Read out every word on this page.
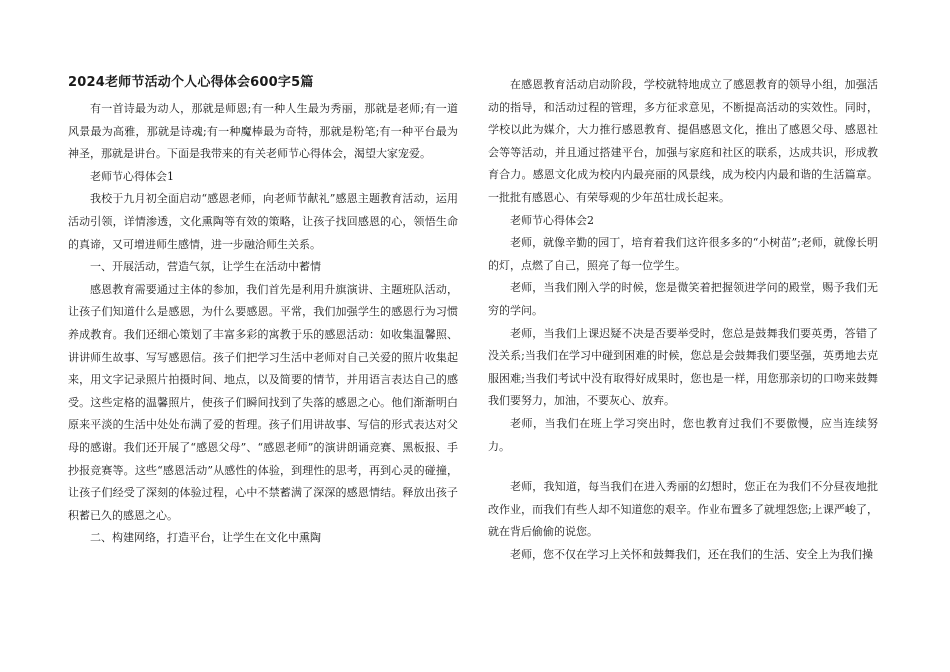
2024老师节活动个人心得体会600字5篇

有一首诗最为动人，那就是师恩;有一种人生最为秀丽，那就是老师;有一道风景最为高雅，那就是诗魂;有一种魔棒最为奇特，那就是粉笔;有一种平台最为神圣，那就是讲台。下面是我带来的有关老师节心得体会，渴望大家宠爱。

老师节心得体会1

我校于九月初全面启动“感恩老师，向老师节献礼”感恩主题教育活动，运用活动引领，详情渗透，文化熏陶等有效的策略，让孩子找回感恩的心，领悟生命的真谛，又可增进师生感情，进一步融洽师生关系。

一、开展活动，营造气氛，让学生在活动中蓄情

感恩教育需要通过主体的参加，我们首先是利用升旗演讲、主题班队活动，让孩子们知道什么是感恩，为什么要感恩。平常，我们加强学生的感恩行为习惯养成教育。我们还细心策划了丰富多彩的寓教于乐的感恩活动：如收集温馨照、讲讲师生故事、写写感恩信。孩子们把学习生活中老师对自己关爱的照片收集起来，用文字记录照片拍摄时间、地点，以及简要的情节，并用语言表达自己的感受。这些定格的温馨照片，使孩子们瞬间找到了失落的感恩之心。他们渐渐明白原来平淡的生活中处处布满了爱的哲理。孩子们用讲故事、写信的形式表达对父母的感谢。我们还开展了“感恩父母”、“感恩老师”的演讲朗诵竞赛、黑板报、手抄报竞赛等。这些“感恩活动”从感性的体验，到理性的思考，再到心灵的碰撞，让孩子们经受了深刻的体验过程，心中不禁蓄满了深深的感恩情结。释放出孩子积蓄已久的感恩之心。

二、构建网络，打造平台，让学生在文化中熏陶

在感恩教育活动启动阶段，学校就特地成立了感恩教育的领导小组，加强活动的指导，和活动过程的管理，多方征求意见，不断提高活动的实效性。同时，学校以此为媒介，大力推行感恩教育、提倡感恩文化，推出了感恩父母、感恩社会等等活动，并且通过搭建平台，加强与家庭和社区的联系，达成共识，形成教育合力。感恩文化成为校内内最亮丽的风景线，成为校内内最和谐的生活篇章。一批批有感恩心、有荣辱观的少年茁壮成长起来。

老师节心得体会2

老师，就像辛勤的园丁，培育着我们这许很多多的“小树苗”;老师，就像长明的灯，点燃了自己，照亮了每一位学生。

老师，当我们刚入学的时候，您是微笑着把握领进学问的殿堂，赐予我们无穷的学问。

老师，当我们上课迟疑不决是否要举受时，您总是鼓舞我们要英勇，答错了没关系;当我们在学习中碰到困难的时候，您总是会鼓舞我们要坚强，英勇地去克服困难;当我们考试中没有取得好成果时，您也是一样，用您那亲切的口吻来鼓舞我们要努力，加油，不要灰心、放弃。

老师，当我们在班上学习突出时，您也教育过我们不要傲慢，应当连续努力。

老师，我知道，每当我们在进入秀丽的幻想时，您正在为我们不分昼夜地批改作业，而我们有些人却不知道您的艰辛。作业布置多了就埋怨您;上课严峻了，就在背后偷偷的说您。

老师，您不仅在学习上关怀和鼓舞我们，还在我们的生活、安全上为我们操
